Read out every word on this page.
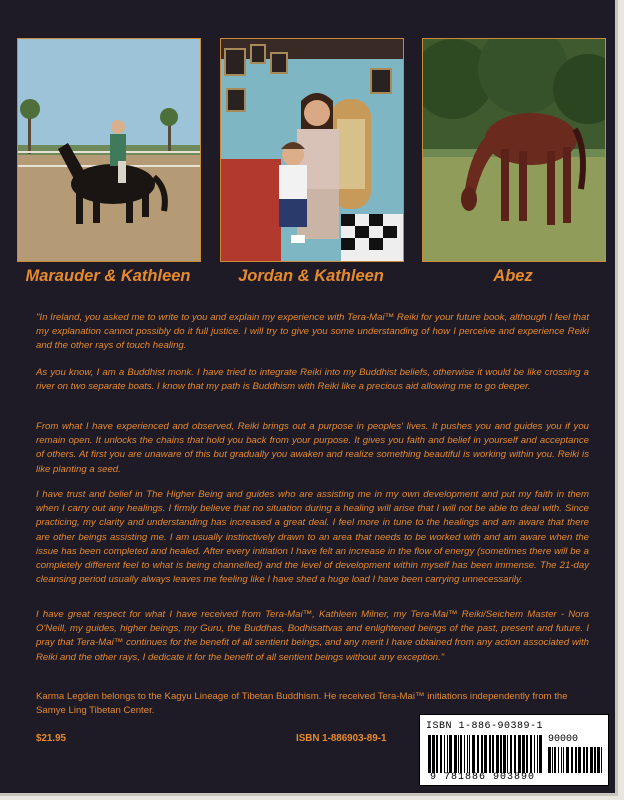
Marauder & Kathleen	Jordan & Kathleen	Abez

"In Ireland, you asked me to write to you and explain my experience with Tera-Mai™ Reiki for your future book, although I feel that my explanation cannot possibly do it full justice. I will try to give you some understanding of how I perceive and experience Reiki and the other rays of touch healing.

As you know, I am a Buddhist monk. I have tried to integrate Reiki into my Buddhist beliefs, otherwise it would be like crossing a river on two separate boats. I know that my path is Buddhism with Reiki like a precious aid allowing me to go deeper.

From what I have experienced and observed, Reiki brings out a purpose in peoples' lives. It pushes you and guides you if you remain open. It unlocks the chains that hold you back from your purpose. It gives you faith and belief in yourself and acceptance of others. At first you are unaware of this but gradually you awaken and realize something beautiful is working within you. Reiki is like planting a seed.

I have trust and belief in The Higher Being and guides who are assisting me in my own development and put my faith in them when I carry out any healings. I firmly believe that no situation during a healing will arise that I will not be able to deal with. Since practicing, my clarity and understanding has increased a great deal. I feel more in tune to the healings and am aware that there are other beings assisting me. I am usually instinctively drawn to an area that needs to be worked with and am aware when the issue has been completed and healed. After every initiation I have felt an increase in the flow of energy (sometimes there will be a completely different feel to what is being channelled) and the level of development within myself has been immense. The 21-day cleansing period usually always leaves me feeling like I have shed a huge load I have been carrying unnecessarily.

I have great respect for what I have received from Tera-Mai™, Kathleen Milner, my Tera-Mai™ Reiki/Seichem Master - Nora O'Neill, my guides, higher beings, my Guru, the Buddhas, Bodhisattvas and enlightened beings of the past, present and future. I pray that Tera-Mai™ continues for the benefit of all sentient beings, and any merit I have obtained from any action associated with Reiki and the other rays, I dedicate it for the benefit of all sentient beings without any exception."

Karma Legden belongs to the Kagyu Lineage of Tibetan Buddhism. He received Tera-Mai™ initiations independently from the Samye Ling Tibetan Center.

$21.95	ISBN 1-886903-89-1
ISBN 1-886-90389-1
90000
9 781886 903890
